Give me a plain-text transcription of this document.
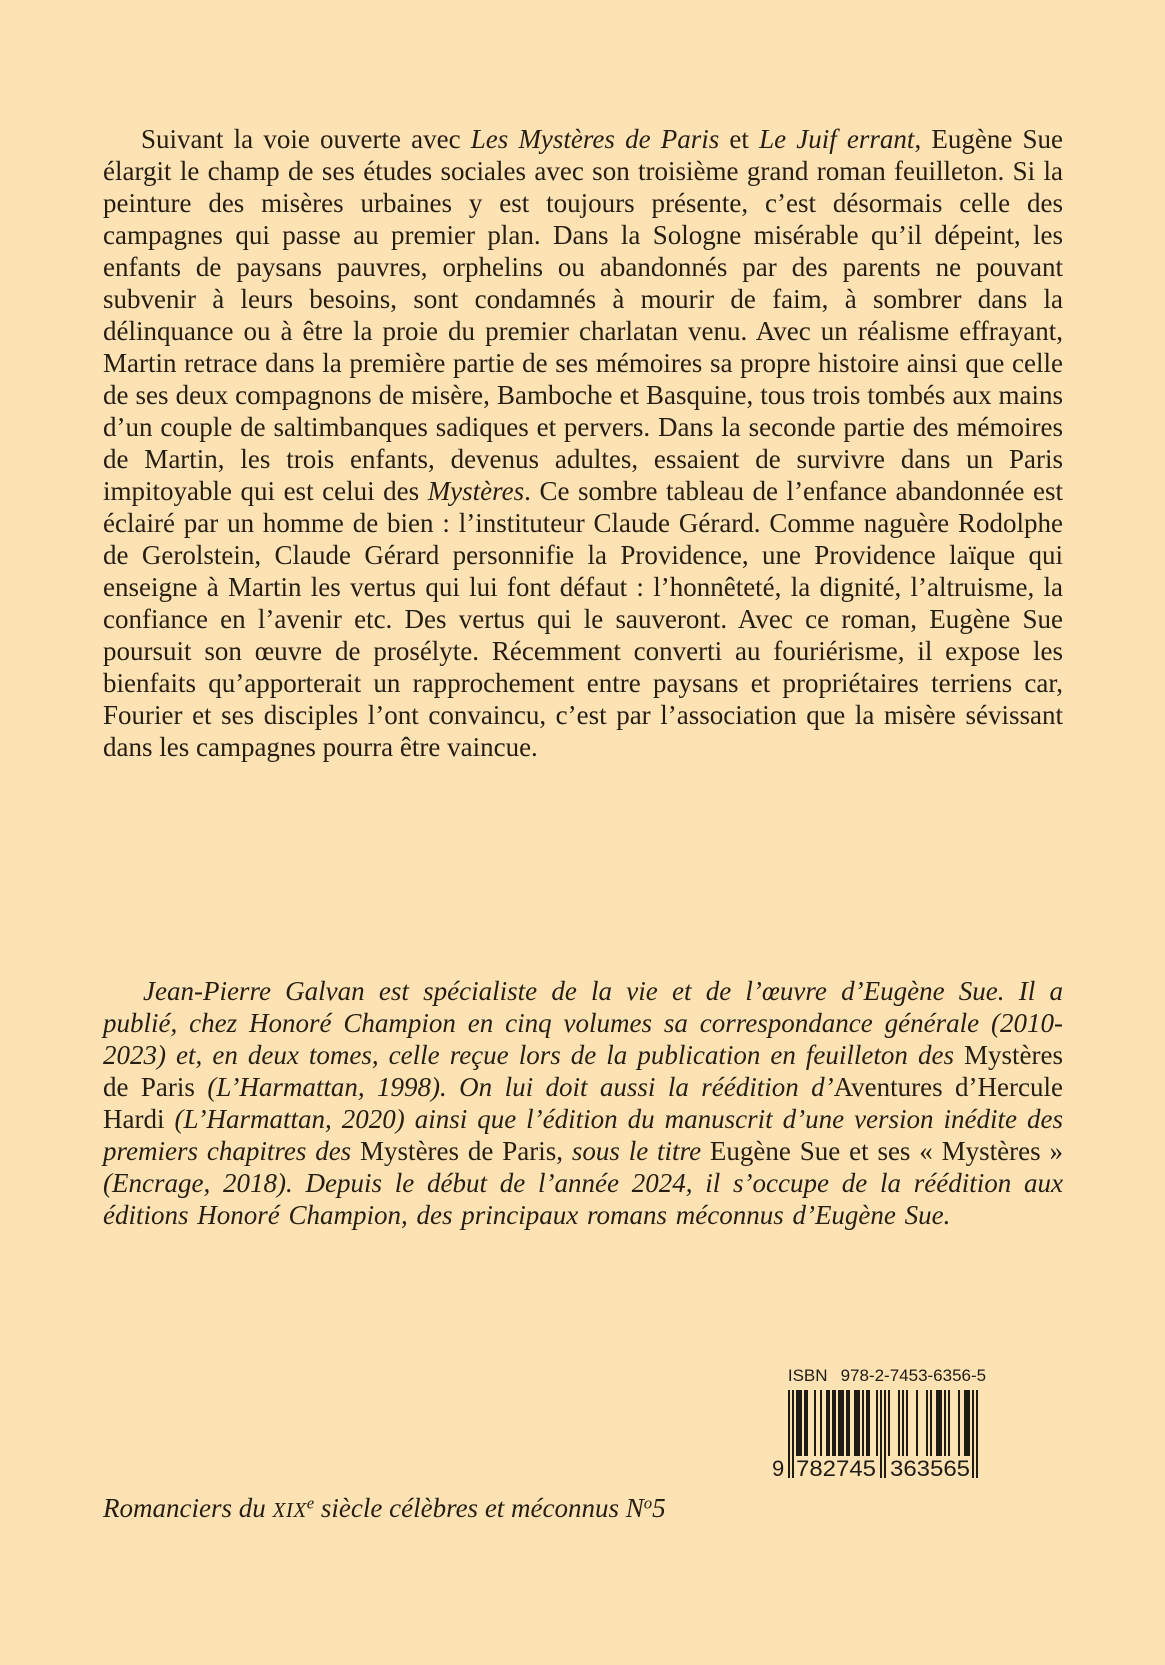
Suivant la voie ouverte avec Les Mystères de Paris et Le Juif errant, Eugène Sue élargit le champ de ses études sociales avec son troisième grand roman feuilleton. Si la peinture des misères urbaines y est toujours présente, c’est désormais celle des campagnes qui passe au premier plan. Dans la Sologne misérable qu’il dépeint, les enfants de paysans pauvres, orphelins ou abandonnés par des parents ne pouvant subvenir à leurs besoins, sont condamnés à mourir de faim, à sombrer dans la délinquance ou à être la proie du premier charlatan venu. Avec un réalisme effrayant, Martin retrace dans la première partie de ses mémoires sa propre histoire ainsi que celle de ses deux compagnons de misère, Bamboche et Basquine, tous trois tombés aux mains d’un couple de saltimbanques sadiques et pervers. Dans la seconde partie des mémoires de Martin, les trois enfants, devenus adultes, essaient de survivre dans un Paris impitoyable qui est celui des Mystères. Ce sombre tableau de l’enfance abandonnée est éclairé par un homme de bien : l’instituteur Claude Gérard. Comme naguère Rodolphe de Gerolstein, Claude Gérard personnifie la Providence, une Providence laïque qui enseigne à Martin les vertus qui lui font défaut : l’honnêteté, la dignité, l’altruisme, la confiance en l’avenir etc. Des vertus qui le sauveront. Avec ce roman, Eugène Sue poursuit son œuvre de prosélyte. Récemment converti au fouriérisme, il expose les bienfaits qu’apporterait un rapprochement entre paysans et propriétaires terriens car, Fourier et ses disciples l’ont convaincu, c’est par l’association que la misère sévissant dans les campagnes pourra être vaincue.

Jean-Pierre Galvan est spécialiste de la vie et de l’œuvre d’Eugène Sue. Il a publié, chez Honoré Champion en cinq volumes sa correspondance générale (2010-2023) et, en deux tomes, celle reçue lors de la publication en feuilleton des Mystères de Paris (L’Harmattan, 1998). On lui doit aussi la réédition d’Aventures d’Hercule Hardi (L’Harmattan, 2020) ainsi que l’édition du manuscrit d’une version inédite des premiers chapitres des Mystères de Paris, sous le titre Eugène Sue et ses « Mystères » (Encrage, 2018). Depuis le début de l’année 2024, il s’occupe de la réédition aux éditions Honoré Champion, des principaux romans méconnus d’Eugène Sue.

ISBN 978-2-7453-6356-5
9 782745 363565

Romanciers du XIXe siècle célèbres et méconnus $N^o5$
